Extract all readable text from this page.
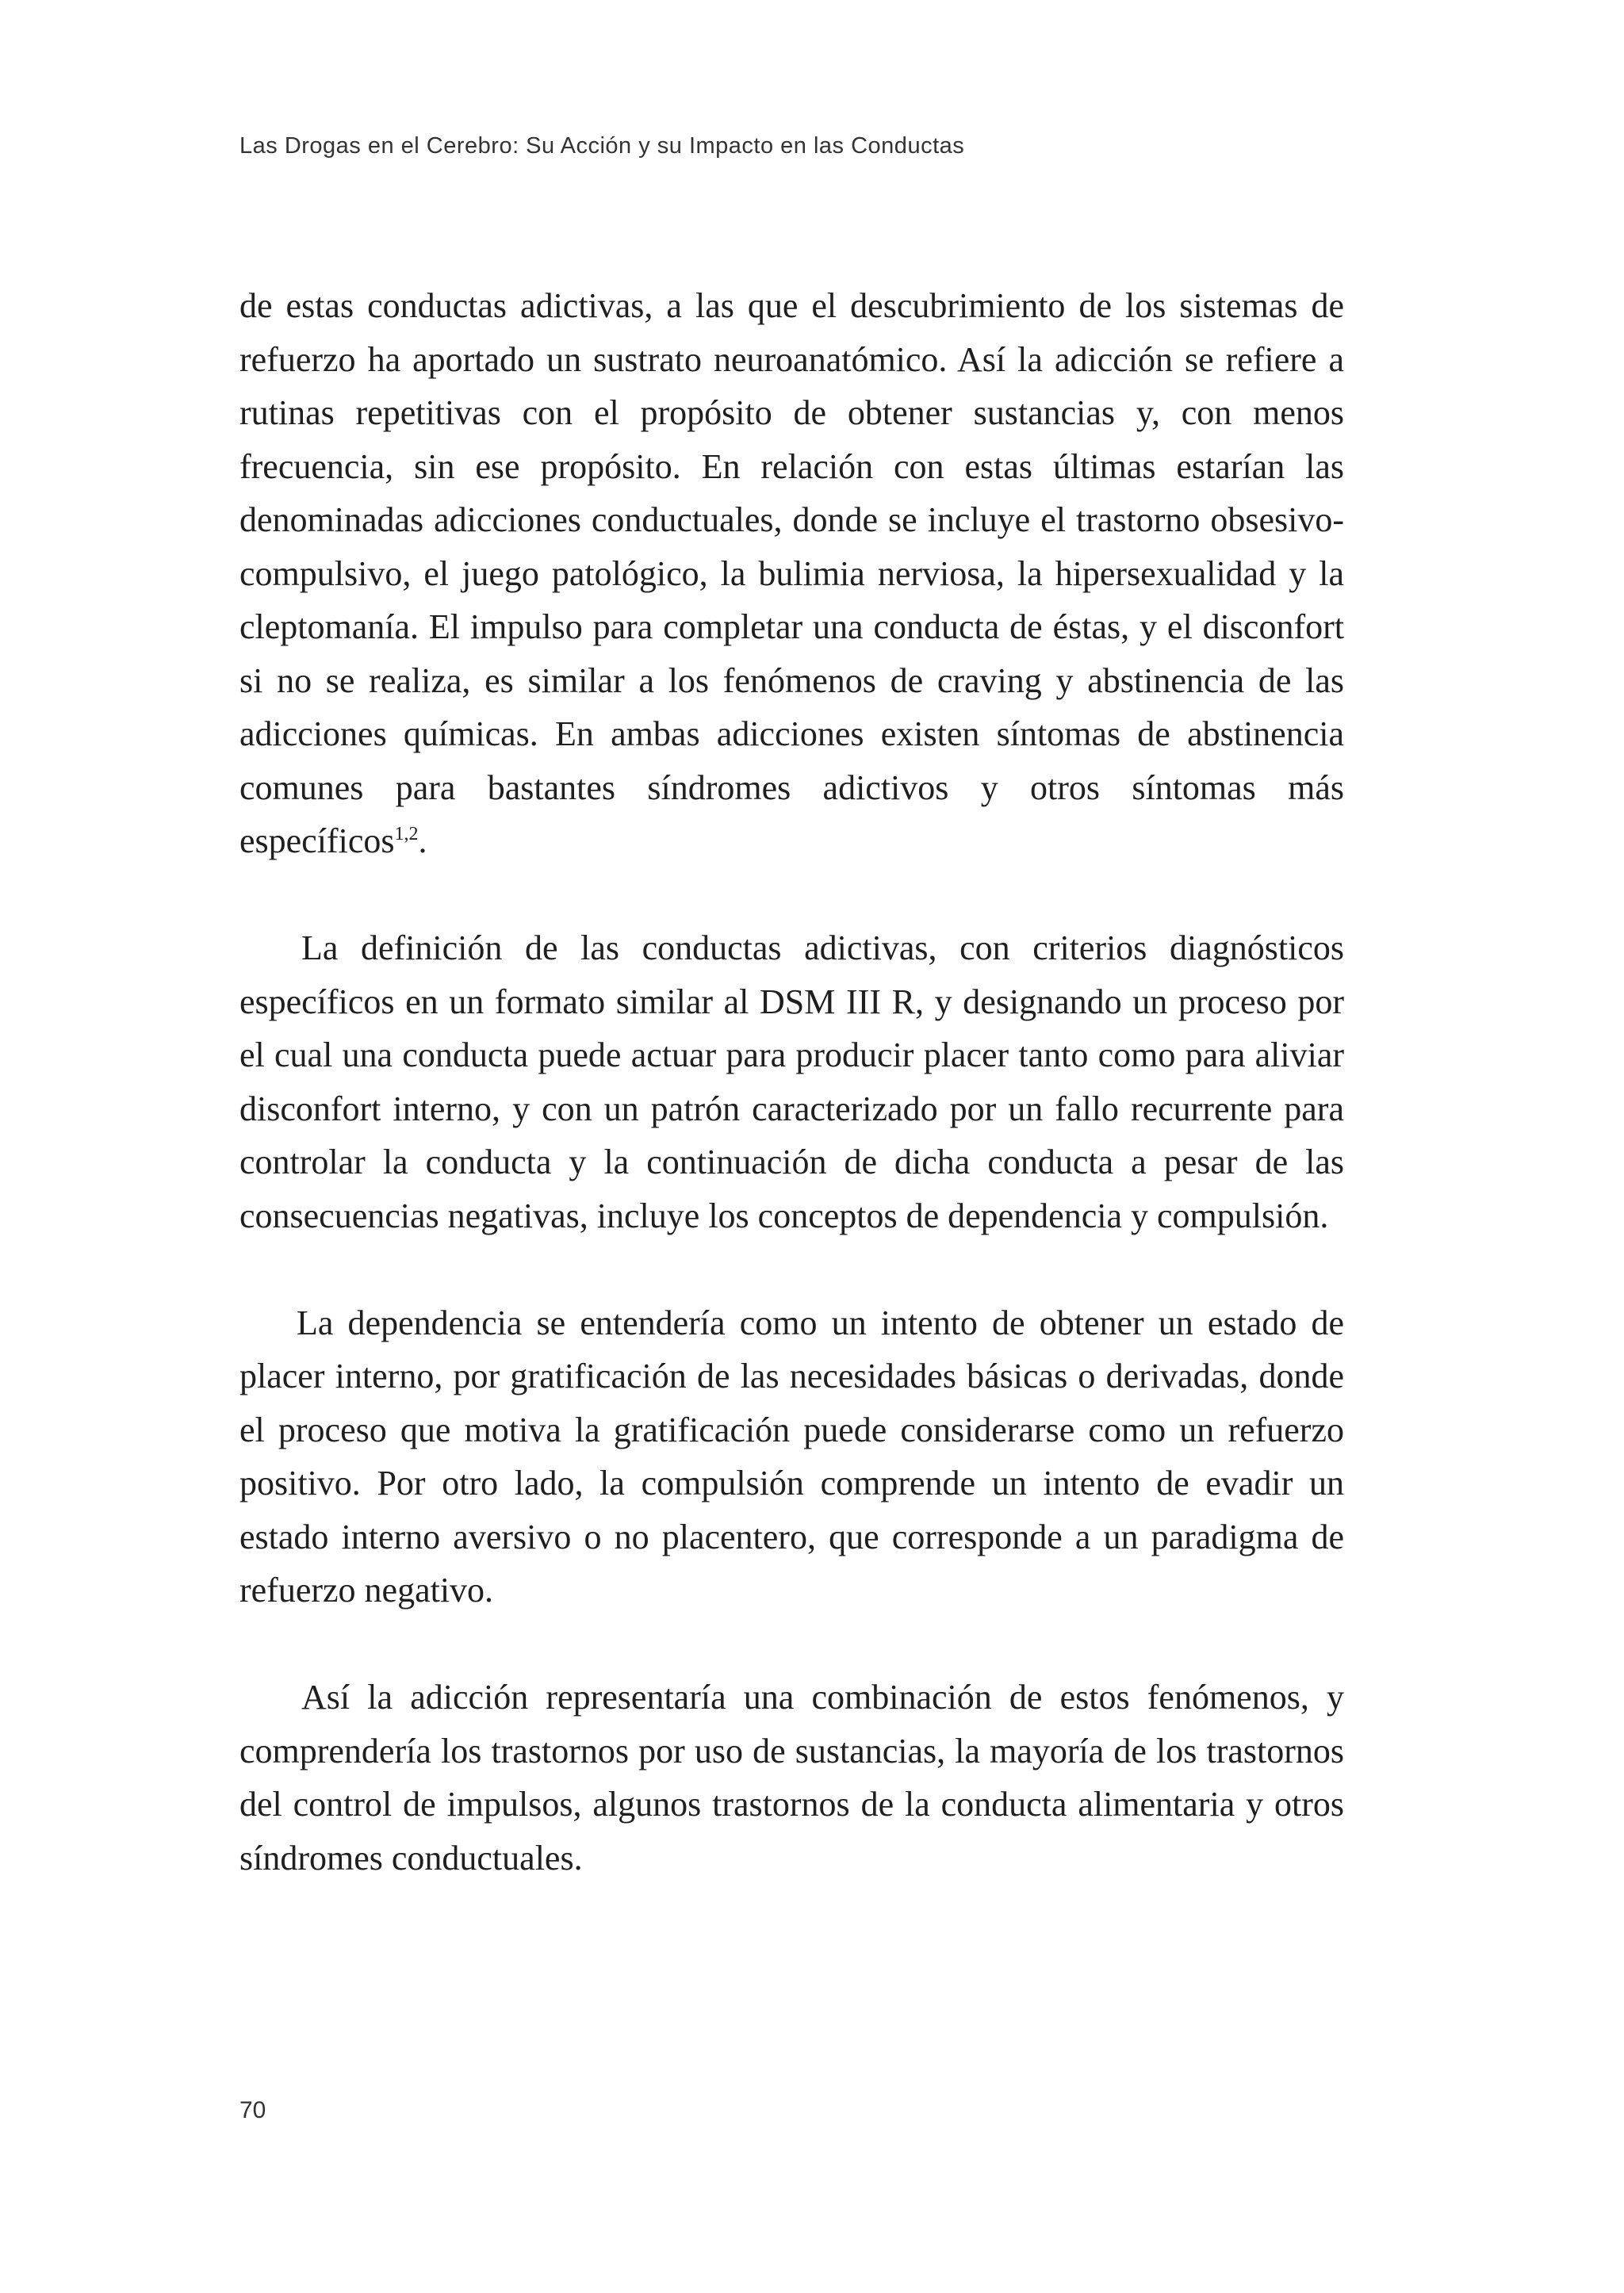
Las Drogas en el Cerebro: Su Acción y su Impacto en las Conductas

de estas conductas adictivas, a las que el descubrimiento de los sistemas de refuerzo ha aportado un sustrato neuroanatómico. Así la adicción se refiere a rutinas repetitivas con el propósito de obtener sustancias y, con menos frecuencia, sin ese propósito. En relación con estas últimas estarían las denominadas adicciones conductuales, donde se incluye el trastorno obsesivo-compulsivo, el juego patológico, la bulimia nerviosa, la hipersexualidad y la cleptomanía. El impulso para completar una conducta de éstas, y el disconfort si no se realiza, es similar a los fenómenos de craving y abstinencia de las adicciones químicas. En ambas adicciones existen síntomas de abstinencia comunes para bastantes síndromes adictivos y otros síntomas más específicos$^{1,2}$.

La definición de las conductas adictivas, con criterios diagnósticos específicos en un formato similar al DSM III R, y designando un proceso por el cual una conducta puede actuar para producir placer tanto como para aliviar disconfort interno, y con un patrón caracterizado por un fallo recurrente para controlar la conducta y la continuación de dicha conducta a pesar de las consecuencias negativas, incluye los conceptos de dependencia y compulsión.

La dependencia se entendería como un intento de obtener un estado de placer interno, por gratificación de las necesidades básicas o derivadas, donde el proceso que motiva la gratificación puede considerarse como un refuerzo positivo. Por otro lado, la compulsión comprende un intento de evadir un estado interno aversivo o no placentero, que corresponde a un paradigma de refuerzo negativo.

Así la adicción representaría una combinación de estos fenómenos, y comprendería los trastornos por uso de sustancias, la mayoría de los trastornos del control de impulsos, algunos trastornos de la conducta alimentaria y otros síndromes conductuales.

70
